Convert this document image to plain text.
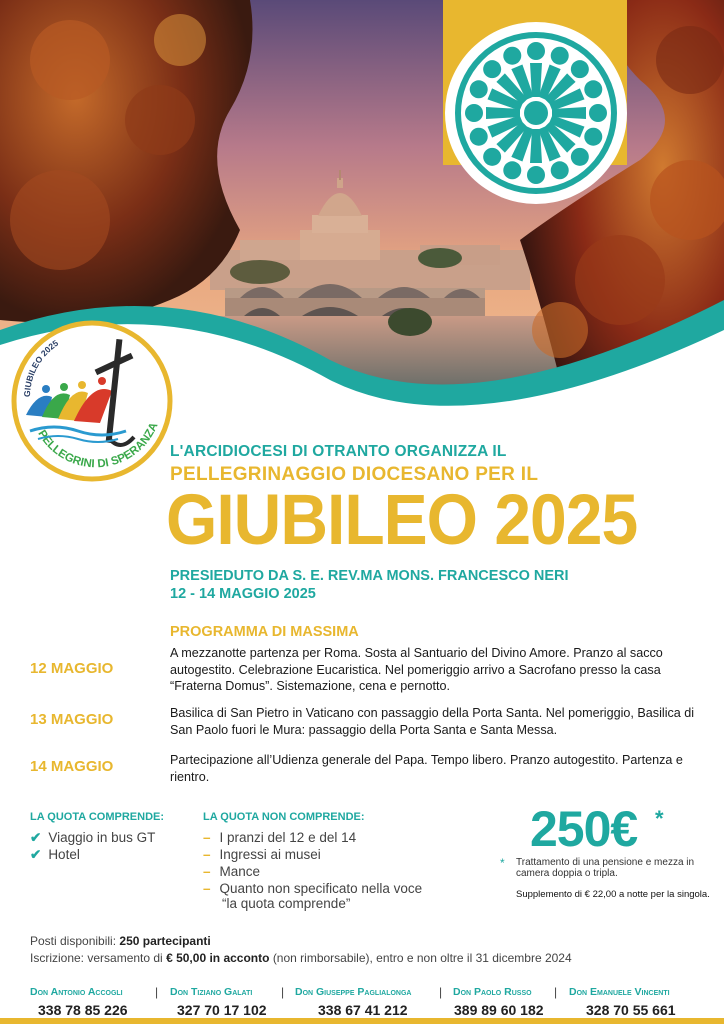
GIUBILEO 2025
PELLEGRINI DI SPERANZA
L'ARCIDIOCESI DI OTRANTO ORGANIZZA IL
PELLEGRINAGGIO DIOCESANO PER IL
GIUBILEO 2025
PRESIEDUTO DA S. E. REV.MA MONS. FRANCESCO NERI
12 - 14 MAGGIO 2025
PROGRAMMA DI MASSIMA
12 MAGGIO
A mezzanotte partenza per Roma. Sosta al Santuario del Divino Amore. Pranzo al sacco autogestito. Celebrazione Eucaristica. Nel pomeriggio arrivo a Sacrofano presso la casa “Fraterna Domus”. Sistemazione, cena e pernotto.
13 MAGGIO	Basilica di San Pietro in Vaticano con passaggio della Porta Santa. Nel pomeriggio, Basilica di San Paolo fuori le Mura: passaggio della Porta Santa e Santa Messa.
14 MAGGIO	Partecipazione all’Udienza generale del Papa. Tempo libero. Pranzo autogestito. Partenza e rientro.
LA QUOTA COMPRENDE:
✔ Viaggio in bus GT
✔ Hotel
LA QUOTA NON COMPRENDE:
– I pranzi del 12 e del 14
– Ingressi ai musei
– Mance
– Quanto non specificato nella voce
“la quota comprende”
250€ *
* Trattamento di una pensione e mezza in camera doppia o tripla.
Supplemento di € 22,00 a notte per la singola.
Posti disponibili: 250 partecipanti
Iscrizione: versamento di € 50,00 in acconto (non rimborsabile), entro e non oltre il 31 dicembre 2024
Don Antonio Accogli
338 78 85 226
| Don Tiziano Galati
327 70 17 102
| Don Giuseppe Paglialonga
338 67 41 212
| Don Paolo Russo
389 89 60 182
| Don Emanuele Vincenti
328 70 55 661
